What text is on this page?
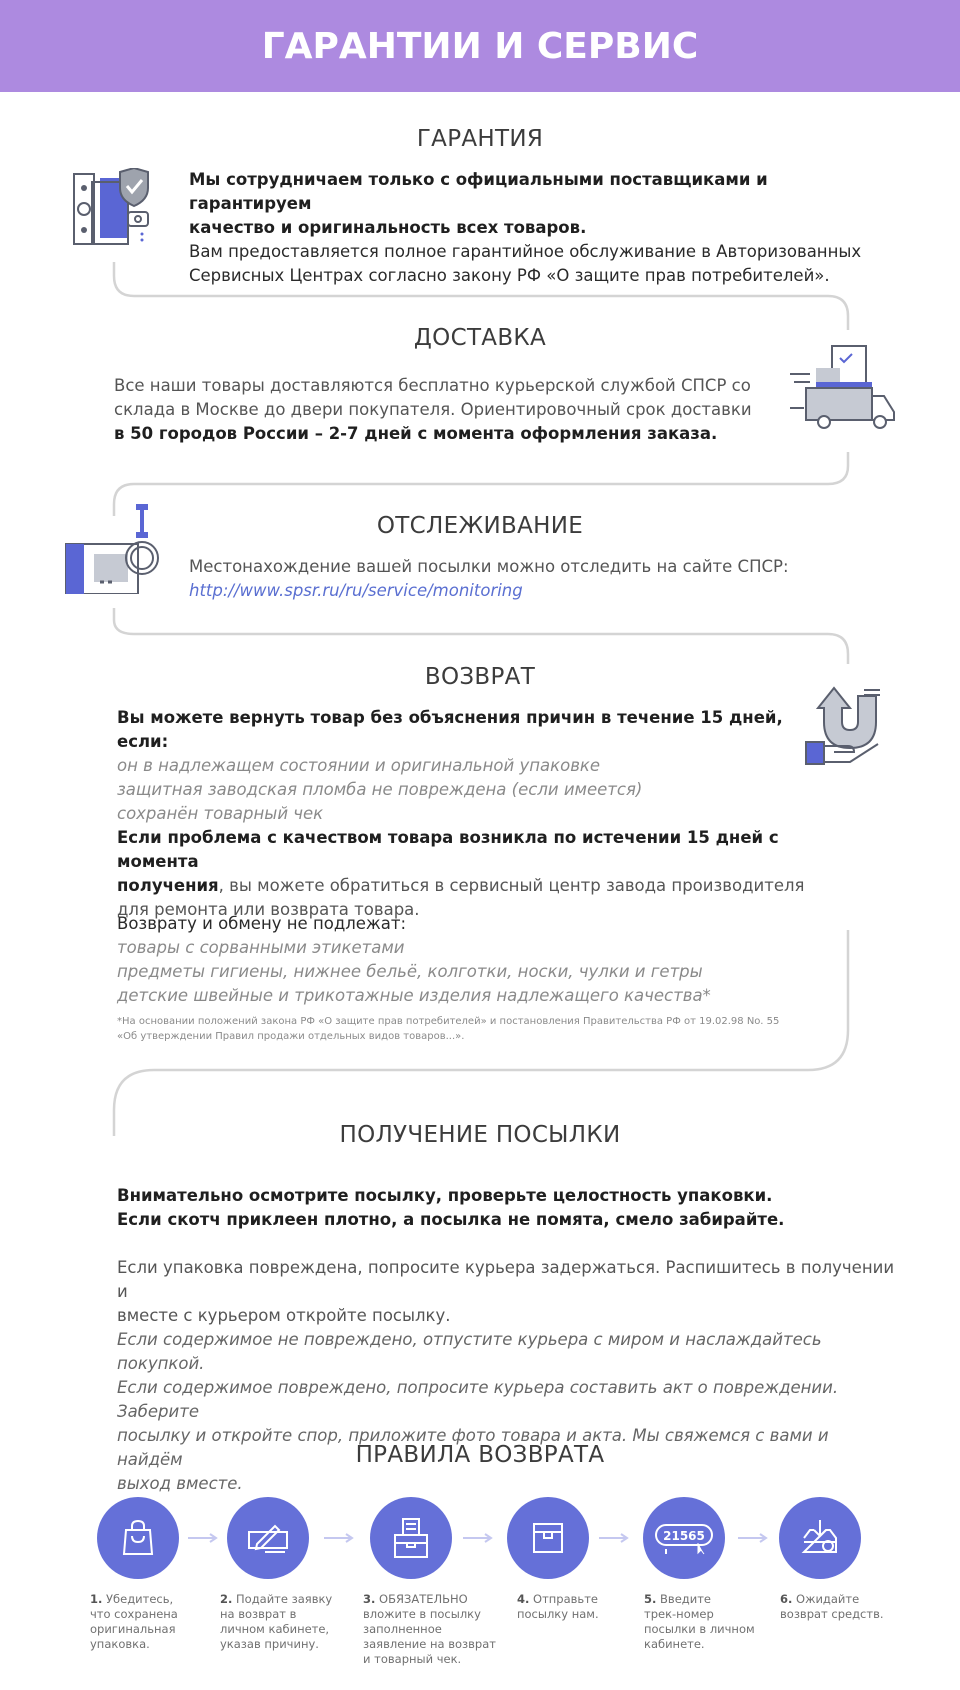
ГАРАНТИИ И СЕРВИС
ГАРАНТИЯ
Мы сотрудничаем только с официальными поставщиками и гарантируем
качество и оригинальность всех товаров.
Вам предоставляется полное гарантийное обслуживание в Авторизованных
Сервисных Центрах согласно закону РФ «О защите прав потребителей».
ДОСТАВКА
Все наши товары доставляются бесплатно курьерской службой СПСР со
склада в Москве до двери покупателя. Ориентировочный срок доставки
в 50 городов России – 2-7 дней с момента оформления заказа.
ОТСЛЕЖИВАНИЕ
Местонахождение вашей посылки можно отследить на сайте СПСР:
http://www.spsr.ru/ru/service/monitoring
ВОЗВРАТ
Вы можете вернуть товар без объяснения причин в течение 15 дней, если:
он в надлежащем состоянии и оригинальной упаковке
защитная заводская пломба не повреждена (если имеется)
сохранён товарный чек
Если проблема с качеством товара возникла по истечении 15 дней с момента
получения, вы можете обратиться в сервисный центр завода производителя
для ремонта или возврата товара.
Возврату и обмену не подлежат:
товары с сорванными этикетами
предметы гигиены, нижнее бельё, колготки, носки, чулки и гетры
детские швейные и трикотажные изделия надлежащего качества*
*На основании положений закона РФ «О защите прав потребителей» и постановления Правительства РФ от 19.02.98 No. 55
«Об утверждении Правил продажи отдельных видов товаров...».
ПОЛУЧЕНИЕ ПОСЫЛКИ
Внимательно осмотрите посылку, проверьте целостность упаковки.
Если скотч приклеен плотно, а посылка не помята, смело забирайте.
Если упаковка повреждена, попросите курьера задержаться. Распишитесь в получении и
вместе с курьером откройте посылку.
Если содержимое не повреждено, отпустите курьера с миром и наслаждайтесь покупкой.
Если содержимое повреждено, попросите курьера составить акт о повреждении. Заберите
посылку и откройте спор, приложите фото товара и акта. Мы свяжемся с вами и найдём
выход вместе.
ПРАВИЛА ВОЗВРАТА
21565
1. Убедитесь,
что сохранена
оригинальная
упаковка.
2. Подайте заявку
на возврат в
личном кабинете,
указав причину.
3. ОБЯЗАТЕЛЬНО
вложите в посылку
заполненное
заявление на возврат
и товарный чек.
4. Отправьте
посылку нам.
5. Введите
трек-номер
посылки в личном
кабинете.
6. Ожидайте
возврат средств.
